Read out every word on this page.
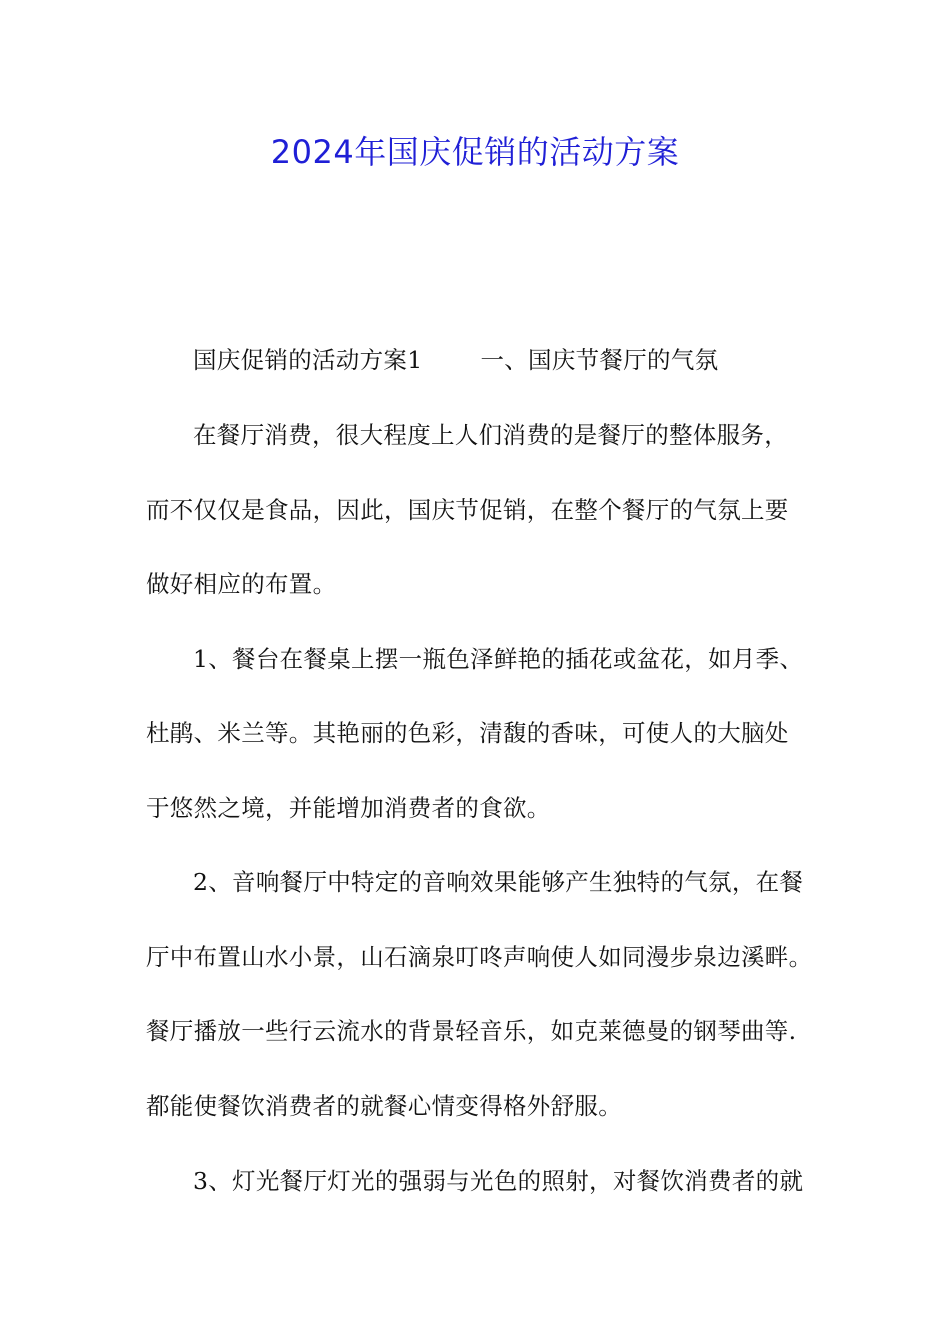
2024年国庆促销的活动方案
国庆促销的活动方案1 一、国庆节餐厅的气氛
在餐厅消费，很大程度上人们消费的是餐厅的整体服务，
而不仅仅是食品，因此，国庆节促销，在整个餐厅的气氛上要
做好相应的布置。
1、餐台在餐桌上摆一瓶色泽鲜艳的插花或盆花，如月季、
杜鹃、米兰等。其艳丽的色彩，清馥的香味，可使人的大脑处
于悠然之境，并能增加消费者的食欲。
2、音响餐厅中特定的音响效果能够产生独特的气氛，在餐
厅中布置山水小景，山石滴泉叮咚声响使人如同漫步泉边溪畔。
餐厅播放一些行云流水的背景轻音乐，如克莱德曼的钢琴曲等.
都能使餐饮消费者的就餐心情变得格外舒服。
3、灯光餐厅灯光的强弱与光色的照射，对餐饮消费者的就
